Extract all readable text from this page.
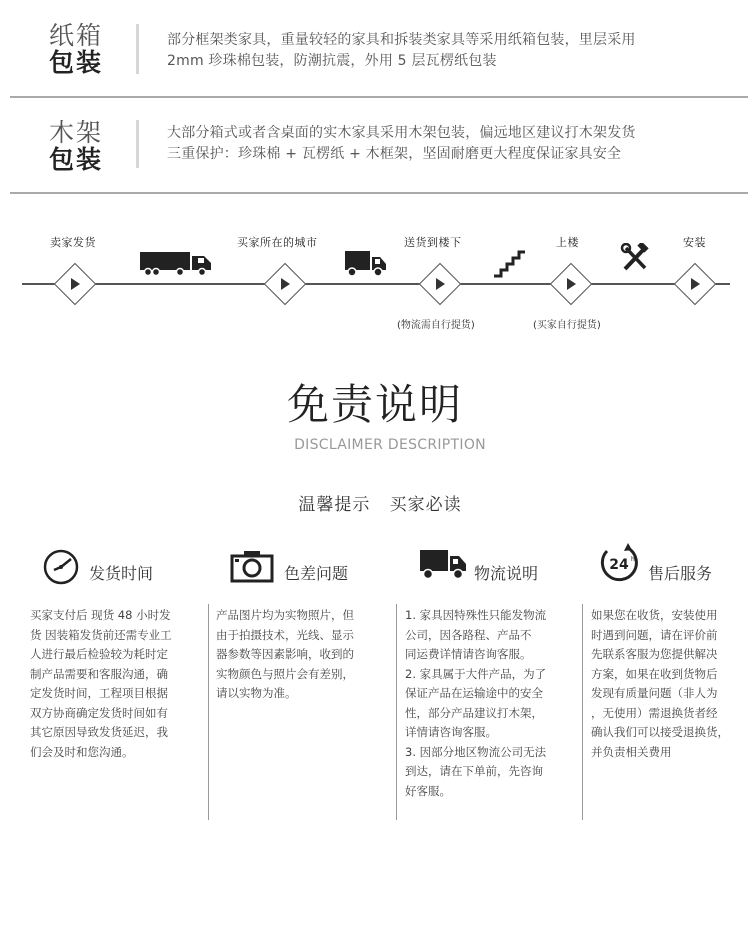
纸箱
包装
部分框架类家具，重量较轻的家具和拆装类家具等采用纸箱包装，里层采用
2mm 珍珠棉包装，防潮抗震，外用 5 层瓦楞纸包装
木架
包装
大部分箱式或者含桌面的实木家具采用木架包装，偏远地区建议打木架发货
三重保护：珍珠棉 + 瓦楞纸 + 木框架，坚固耐磨更大程度保证家具安全
卖家发货	买家所在的城市	送货到楼下	上楼	安装
(物流需自行提货)	(买家自行提货)
免责说明
DISCLAIMER DESCRIPTION
温馨提示   买家必读
发货时间	色差问题	物流说明	24 h
售后服务
买家支付后 现货 48 小时发
货 因装箱发货前还需专业工
人进行最后检验较为耗时定
制产品需要和客服沟通，确
定发货时间，工程项目根据
双方协商确定发货时间如有
其它原因导致发货延迟，我
们会及时和您沟通。
产品图片均为实物照片，但
由于拍摄技术，光线、显示
器参数等因素影响，收到的
实物颜色与照片会有差别，
请以实物为准。
1. 家具因特殊性只能发物流
公司，因各路程、产品不
同运费详情请咨询客服。
2. 家具属于大件产品，为了
保证产品在运输途中的安全
性，部分产品建议打木架，
详情请咨询客服。
3. 因部分地区物流公司无法
到达，请在下单前，先咨询
好客服。
如果您在收货，安装使用
时遇到问题，请在评价前
先联系客服为您提供解决
方案，如果在收到货物后
发现有质量问题（非人为
，无使用）需退换货者经
确认我们可以接受退换货，
并负责相关费用
